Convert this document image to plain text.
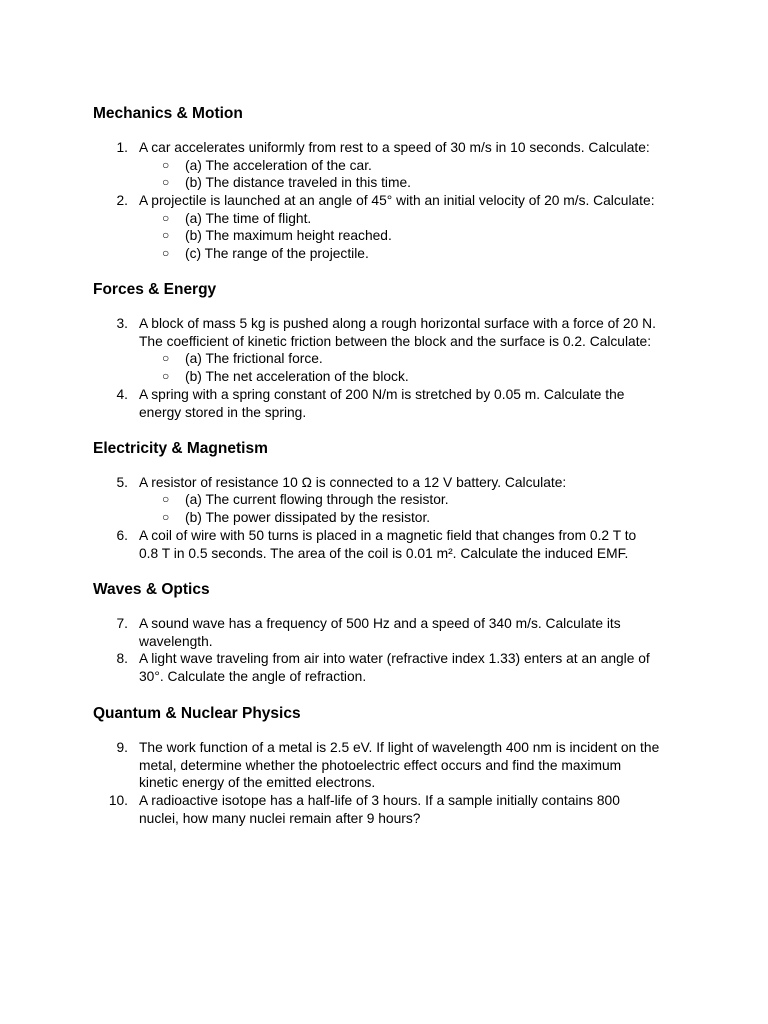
Mechanics & Motion
1. A car accelerates uniformly from rest to a speed of 30 m/s in 10 seconds. Calculate:
○ (a) The acceleration of the car.
○ (b) The distance traveled in this time.
2. A projectile is launched at an angle of 45° with an initial velocity of 20 m/s. Calculate:
○ (a) The time of flight.
○ (b) The maximum height reached.
○ (c) The range of the projectile.
Forces & Energy
3. A block of mass 5 kg is pushed along a rough horizontal surface with a force of 20 N.
The coefficient of kinetic friction between the block and the surface is 0.2. Calculate:
○ (a) The frictional force.
○ (b) The net acceleration of the block.
4. A spring with a spring constant of 200 N/m is stretched by 0.05 m. Calculate the
energy stored in the spring.
Electricity & Magnetism
5. A resistor of resistance 10 Ω is connected to a 12 V battery. Calculate:
○ (a) The current flowing through the resistor.
○ (b) The power dissipated by the resistor.
6. A coil of wire with 50 turns is placed in a magnetic field that changes from 0.2 T to
0.8 T in 0.5 seconds. The area of the coil is 0.01 m². Calculate the induced EMF.
Waves & Optics
7. A sound wave has a frequency of 500 Hz and a speed of 340 m/s. Calculate its
wavelength.
8. A light wave traveling from air into water (refractive index 1.33) enters at an angle of
30°. Calculate the angle of refraction.
Quantum & Nuclear Physics
9. The work function of a metal is 2.5 eV. If light of wavelength 400 nm is incident on the
metal, determine whether the photoelectric effect occurs and find the maximum
kinetic energy of the emitted electrons.
10. A radioactive isotope has a half-life of 3 hours. If a sample initially contains 800
nuclei, how many nuclei remain after 9 hours?
